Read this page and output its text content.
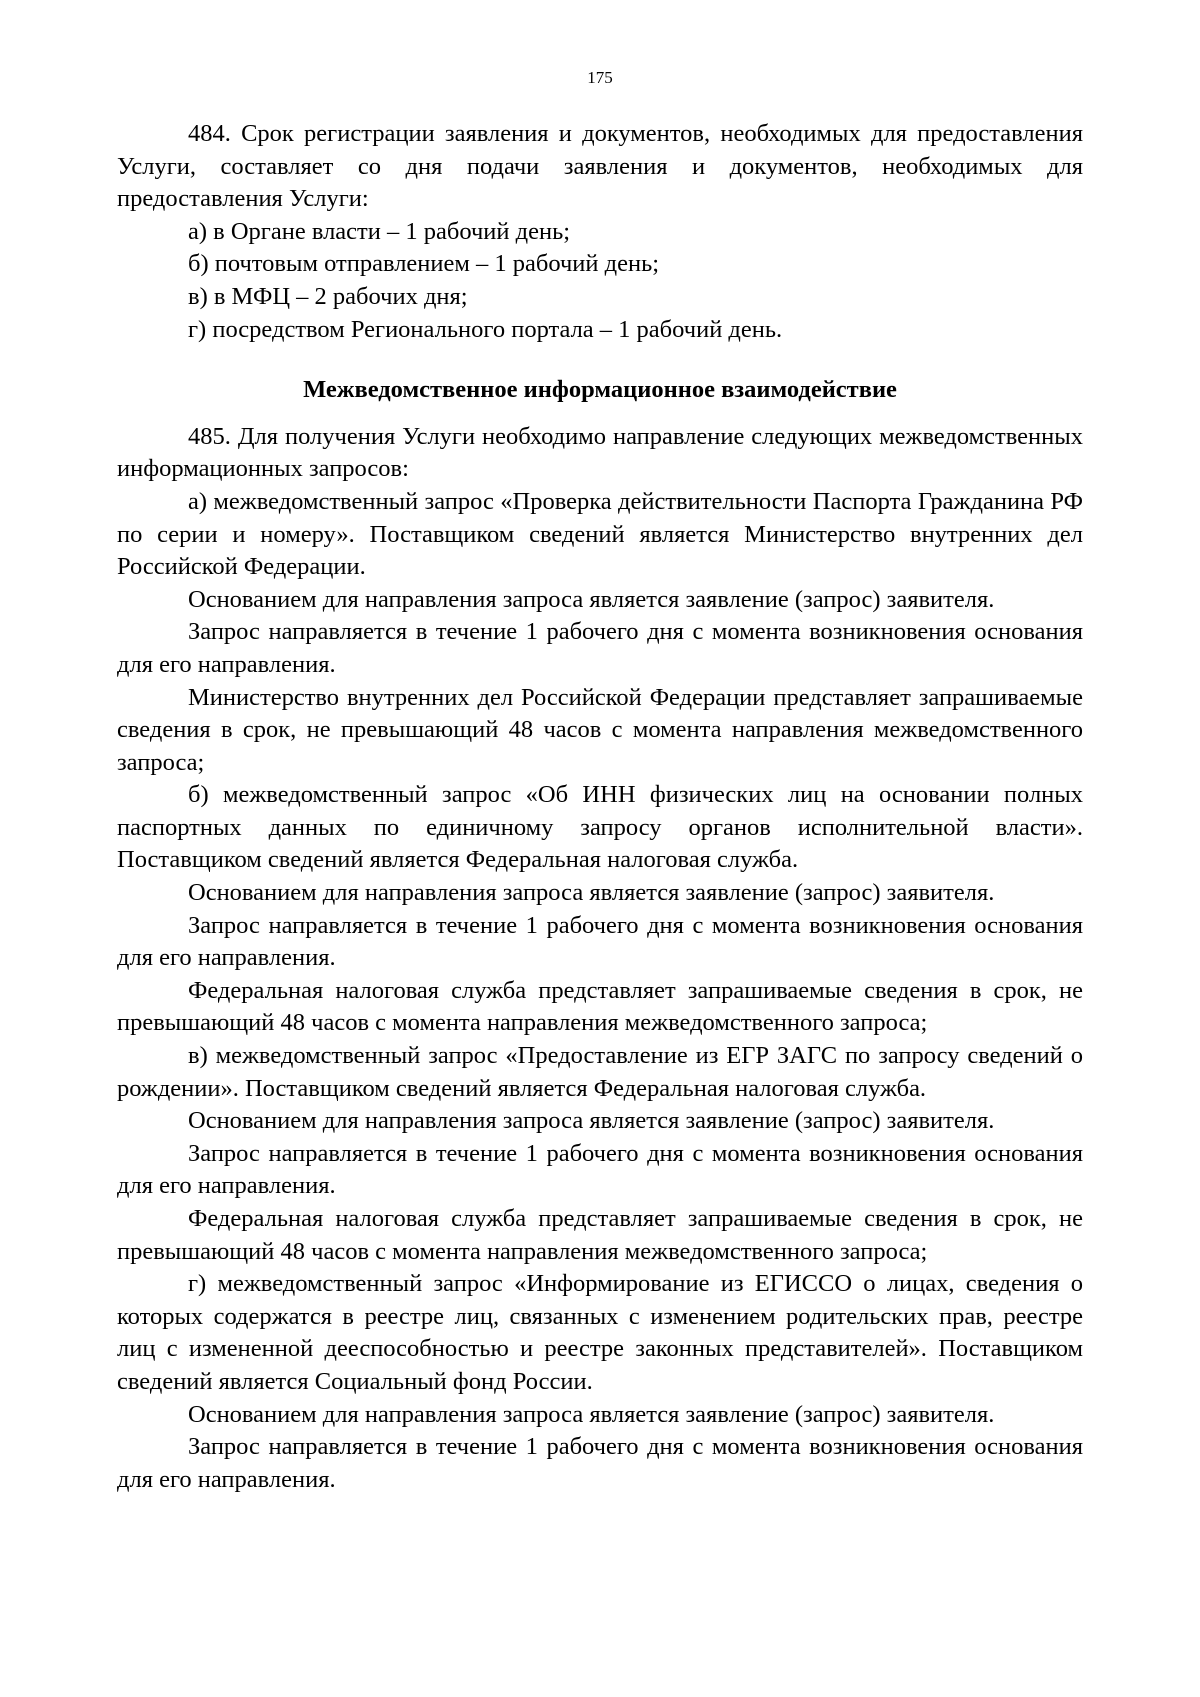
175

484. Срок регистрации заявления и документов, необходимых для предоставления Услуги, составляет со дня подачи заявления и документов, необходимых для предоставления Услуги:

а) в Органе власти – 1 рабочий день;

б) почтовым отправлением – 1 рабочий день;

в) в МФЦ – 2 рабочих дня;

г) посредством Регионального портала – 1 рабочий день.

Межведомственное информационное взаимодействие

485. Для получения Услуги необходимо направление следующих межведомственных информационных запросов:

а) межведомственный запрос «Проверка действительности Паспорта Гражданина РФ по серии и номеру». Поставщиком сведений является Министерство внутренних дел Российской Федерации.

Основанием для направления запроса является заявление (запрос) заявителя.

Запрос направляется в течение 1 рабочего дня с момента возникновения основания для его направления.

Министерство внутренних дел Российской Федерации представляет запрашиваемые сведения в срок, не превышающий 48 часов с момента направления межведомственного запроса;

б) межведомственный запрос «Об ИНН физических лиц на основании полных паспортных данных по единичному запросу органов исполнительной власти». Поставщиком сведений является Федеральная налоговая служба.

Основанием для направления запроса является заявление (запрос) заявителя.

Запрос направляется в течение 1 рабочего дня с момента возникновения основания для его направления.

Федеральная налоговая служба представляет запрашиваемые сведения в срок, не превышающий 48 часов с момента направления межведомственного запроса;

в) межведомственный запрос «Предоставление из ЕГР ЗАГС по запросу сведений о рождении». Поставщиком сведений является Федеральная налоговая служба.

Основанием для направления запроса является заявление (запрос) заявителя.

Запрос направляется в течение 1 рабочего дня с момента возникновения основания для его направления.

Федеральная налоговая служба представляет запрашиваемые сведения в срок, не превышающий 48 часов с момента направления межведомственного запроса;

г) межведомственный запрос «Информирование из ЕГИССО о лицах, сведения о которых содержатся в реестре лиц, связанных с изменением родительских прав, реестре лиц с измененной дееспособностью и реестре законных представителей». Поставщиком сведений является Социальный фонд России.

Основанием для направления запроса является заявление (запрос) заявителя.

Запрос направляется в течение 1 рабочего дня с момента возникновения основания для его направления.
